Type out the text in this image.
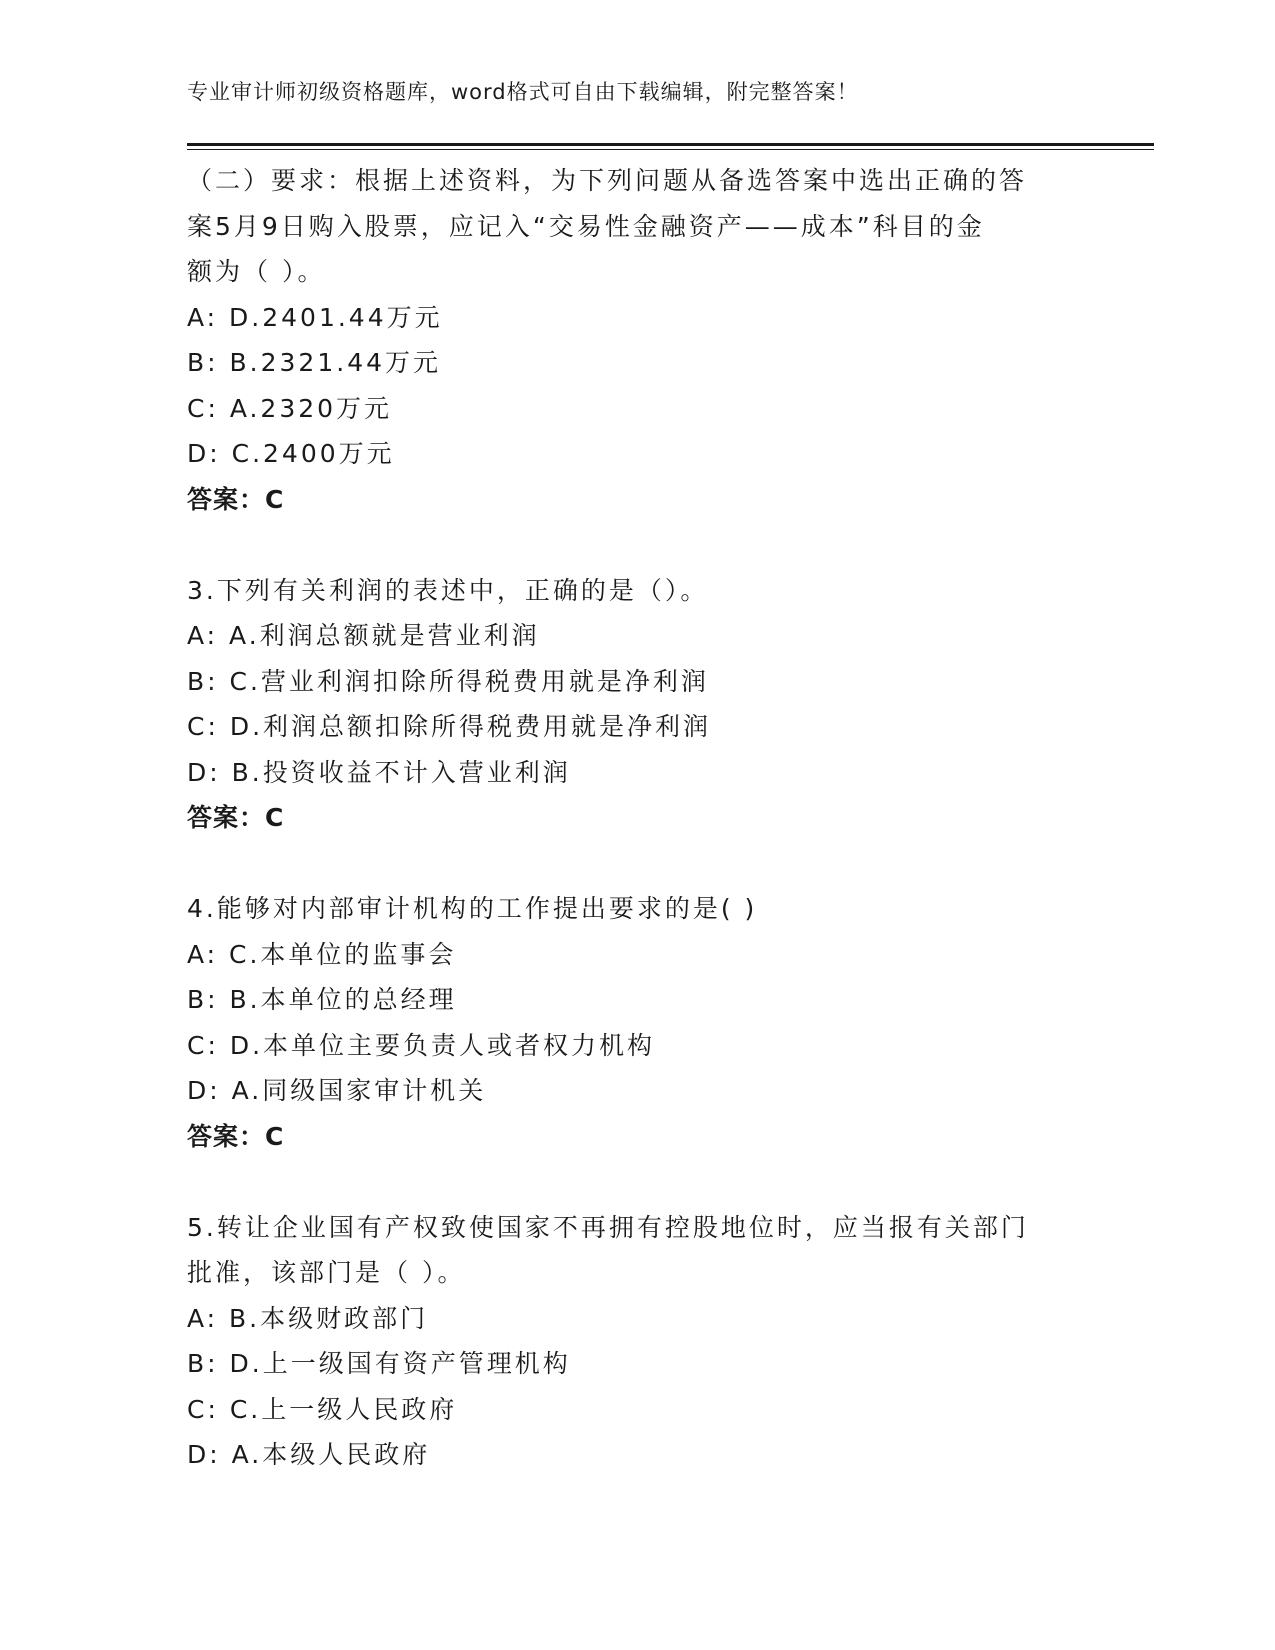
专业审计师初级资格题库，word格式可自由下载编辑，附完整答案！
（二）要求：根据上述资料，为下列问题从备选答案中选出正确的答
案5月9日购入股票，应记入“交易性金融资产——成本”科目的金
额为（ ）。
A: D.2401.44万元
B: B.2321.44万元
C: A.2320万元
D: C.2400万元
答案：C
3.下列有关利润的表述中，正确的是（）。
A: A.利润总额就是营业利润
B: C.营业利润扣除所得税费用就是净利润
C: D.利润总额扣除所得税费用就是净利润
D: B.投资收益不计入营业利润
答案：C
4.能够对内部审计机构的工作提出要求的是( )
A: C.本单位的监事会
B: B.本单位的总经理
C: D.本单位主要负责人或者权力机构
D: A.同级国家审计机关
答案：C
5.转让企业国有产权致使国家不再拥有控股地位时，应当报有关部门
批准，该部门是（ ）。
A: B.本级财政部门
B: D.上一级国有资产管理机构
C: C.上一级人民政府
D: A.本级人民政府
